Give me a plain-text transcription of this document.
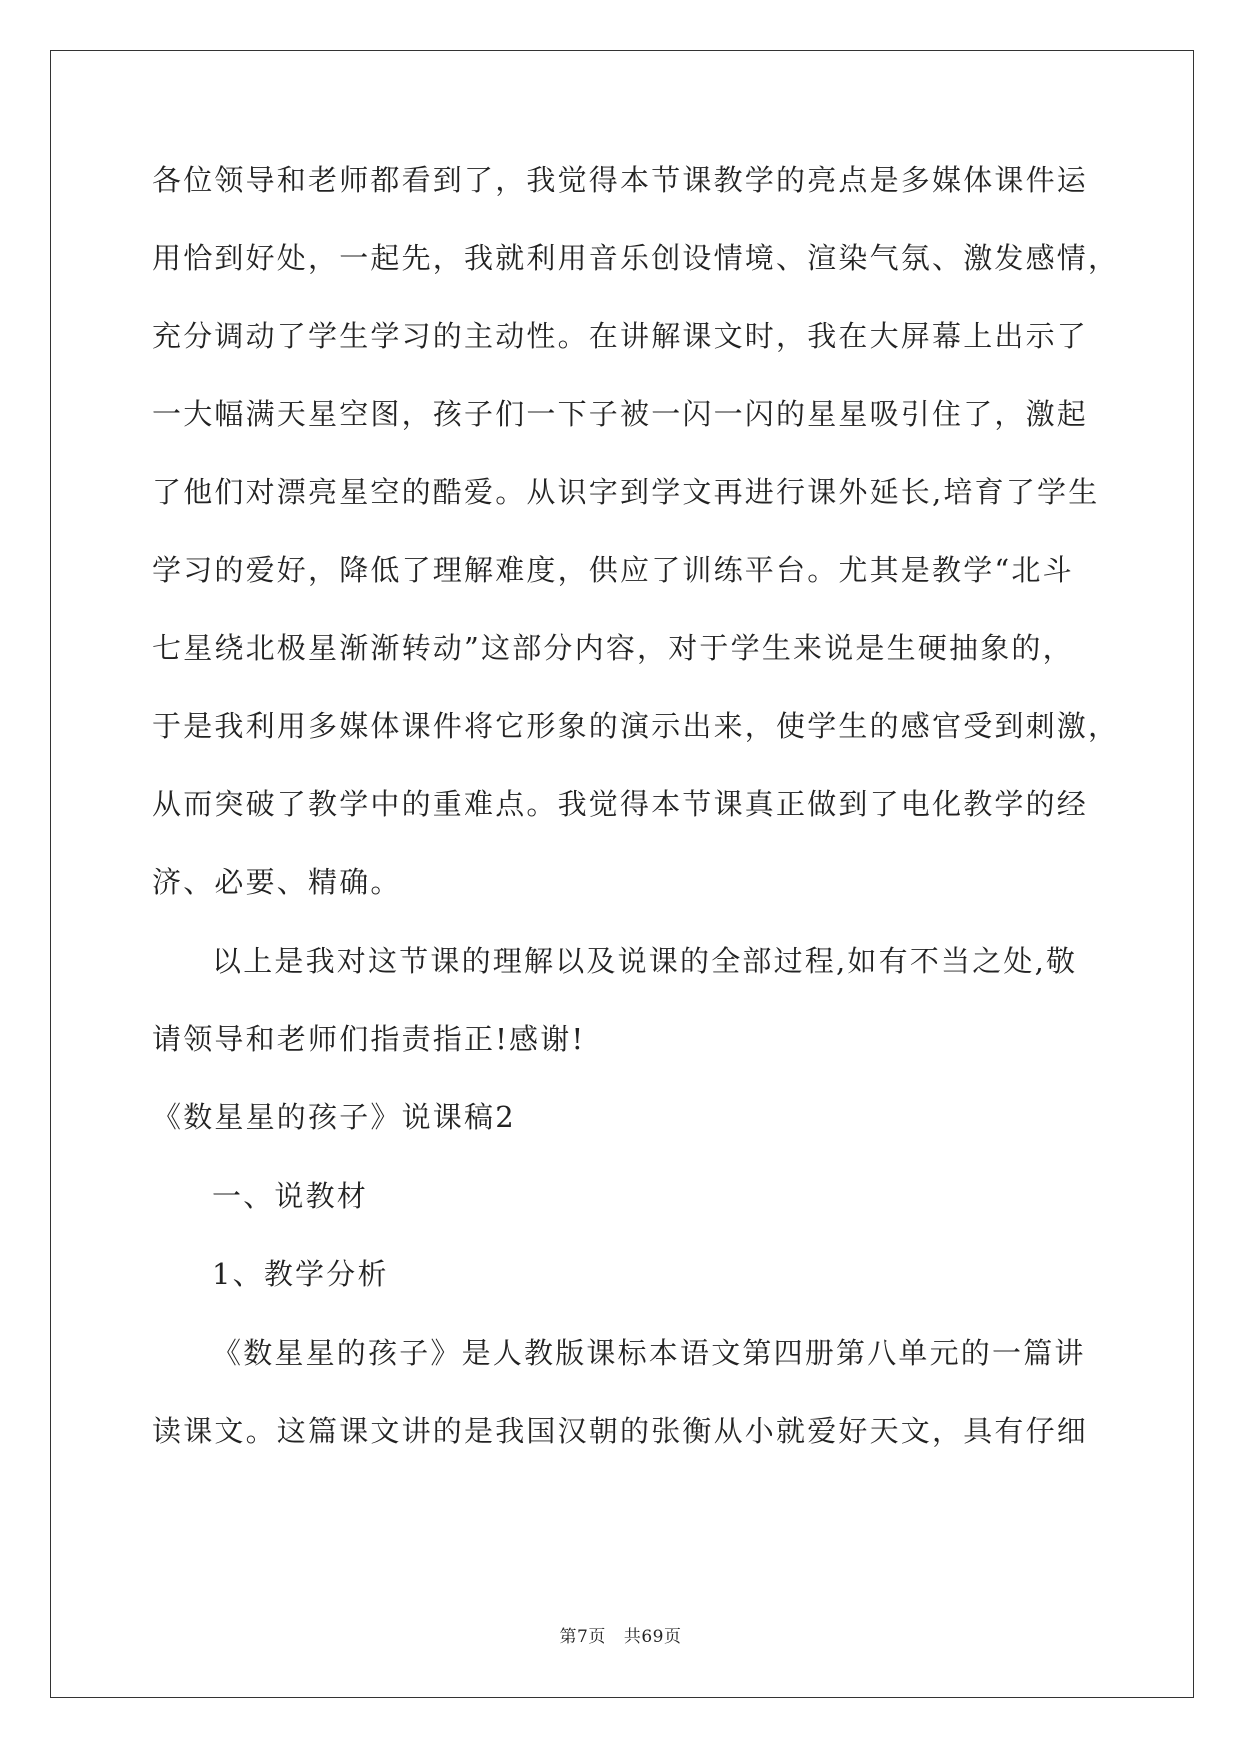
各位领导和老师都看到了，我觉得本节课教学的亮点是多媒体课件运
用恰到好处，一起先，我就利用音乐创设情境、渲染气氛、激发感情，
充分调动了学生学习的主动性。在讲解课文时，我在大屏幕上出示了
一大幅满天星空图，孩子们一下子被一闪一闪的星星吸引住了，激起
了他们对漂亮星空的酷爱。从识字到学文再进行课外延长,培育了学生
学习的爱好，降低了理解难度，供应了训练平台。尤其是教学“北斗
七星绕北极星渐渐转动”这部分内容，对于学生来说是生硬抽象的，
于是我利用多媒体课件将它形象的演示出来，使学生的感官受到刺激，
从而突破了教学中的重难点。我觉得本节课真正做到了电化教学的经
济、必要、精确。
以上是我对这节课的理解以及说课的全部过程,如有不当之处,敬
请领导和老师们指责指正!感谢!
《数星星的孩子》说课稿2
一、说教材
1、教学分析
《数星星的孩子》是人教版课标本语文第四册第八单元的一篇讲
读课文。这篇课文讲的是我国汉朝的张衡从小就爱好天文，具有仔细
第7页 共69页
